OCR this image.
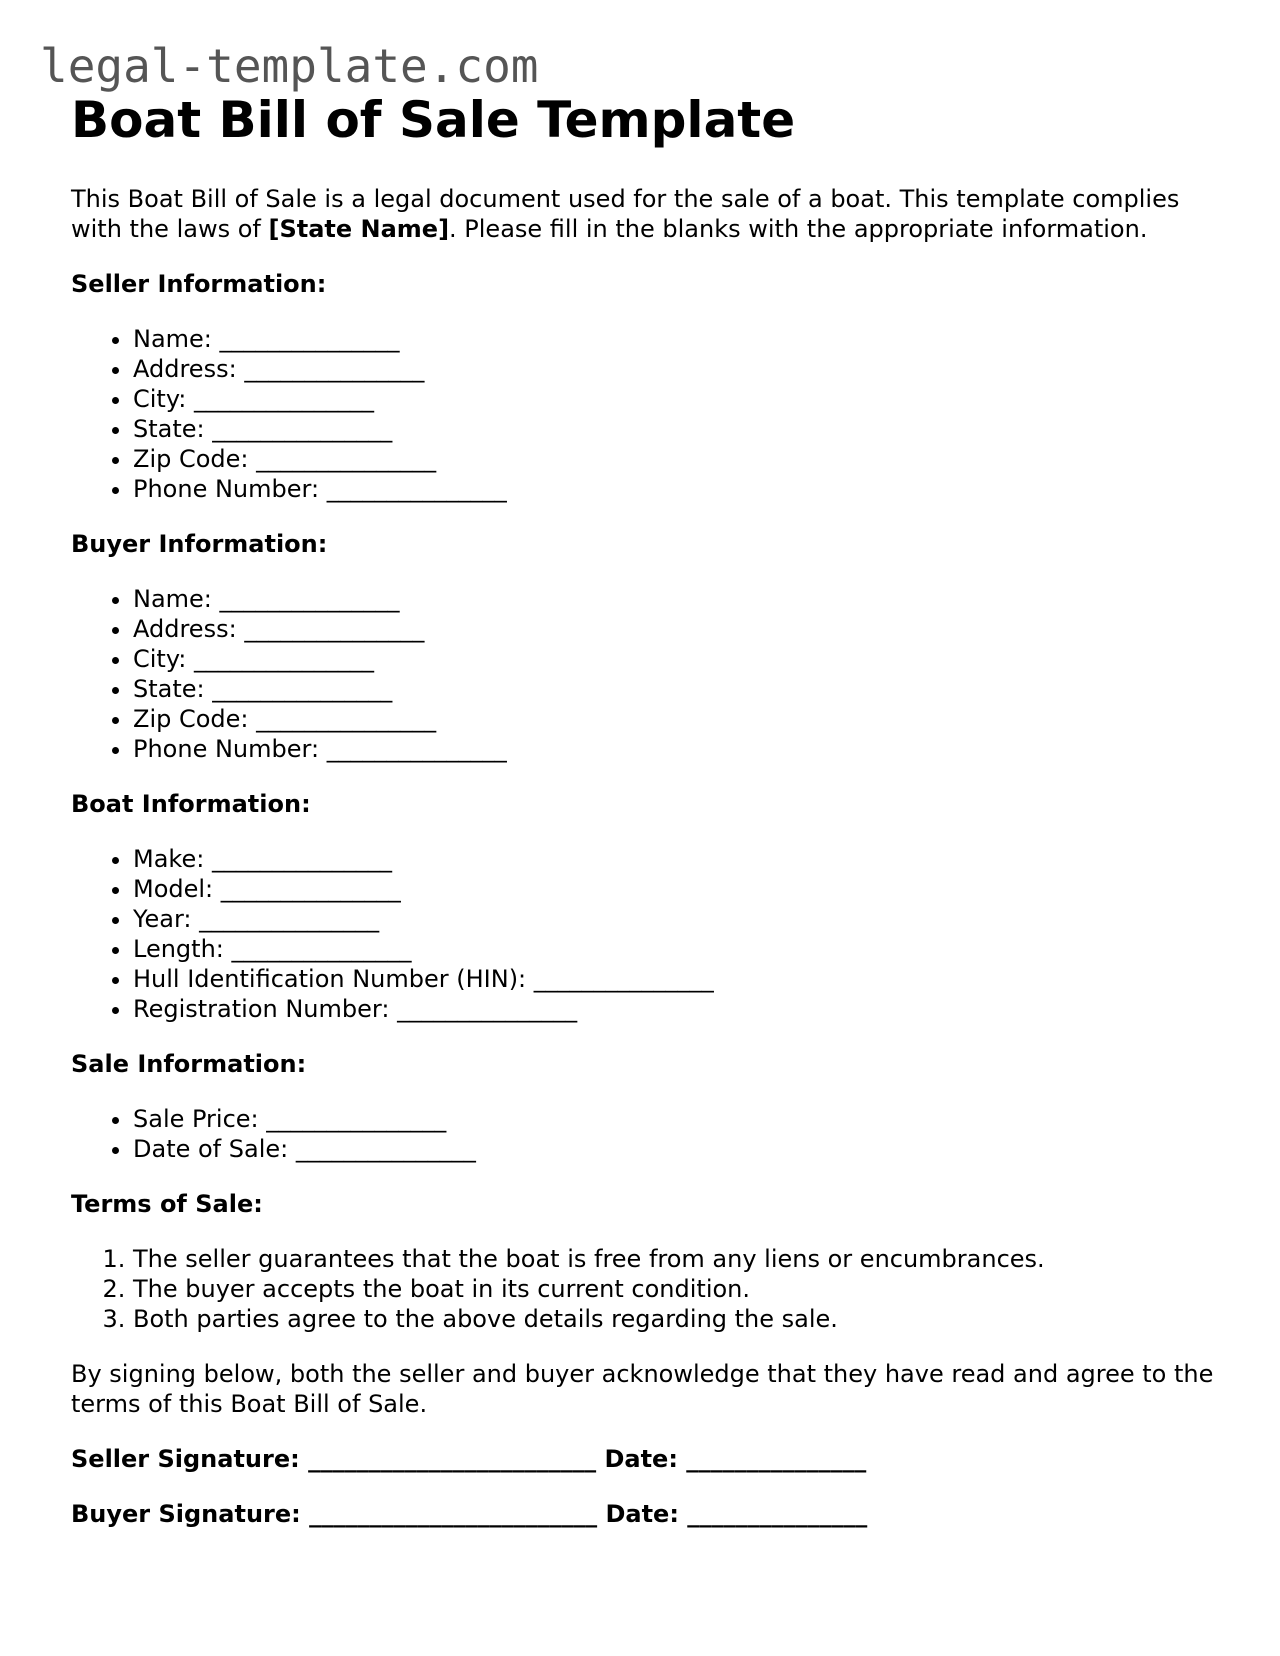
legal-template.com
Boat Bill of Sale Template

This Boat Bill of Sale is a legal document used for the sale of a boat. This template complies with the laws of [State Name]. Please fill in the blanks with the appropriate information.

Seller Information:

• Name: _______________
• Address: _______________
• City: _______________
• State: _______________
• Zip Code: _______________
• Phone Number: _______________

Buyer Information:

• Name: _______________
• Address: _______________
• City: _______________
• State: _______________
• Zip Code: _______________
• Phone Number: _______________

Boat Information:

• Make: _______________
• Model: _______________
• Year: _______________
• Length: _______________
• Hull Identification Number (HIN): _______________
• Registration Number: _______________

Sale Information:

• Sale Price: _______________
• Date of Sale: _______________

Terms of Sale:

1. The seller guarantees that the boat is free from any liens or encumbrances.
2. The buyer accepts the boat in its current condition.
3. Both parties agree to the above details regarding the sale.

By signing below, both the seller and buyer acknowledge that they have read and agree to the terms of this Boat Bill of Sale.

Seller Signature: ________________________ Date: _______________

Buyer Signature: ________________________ Date: _______________
